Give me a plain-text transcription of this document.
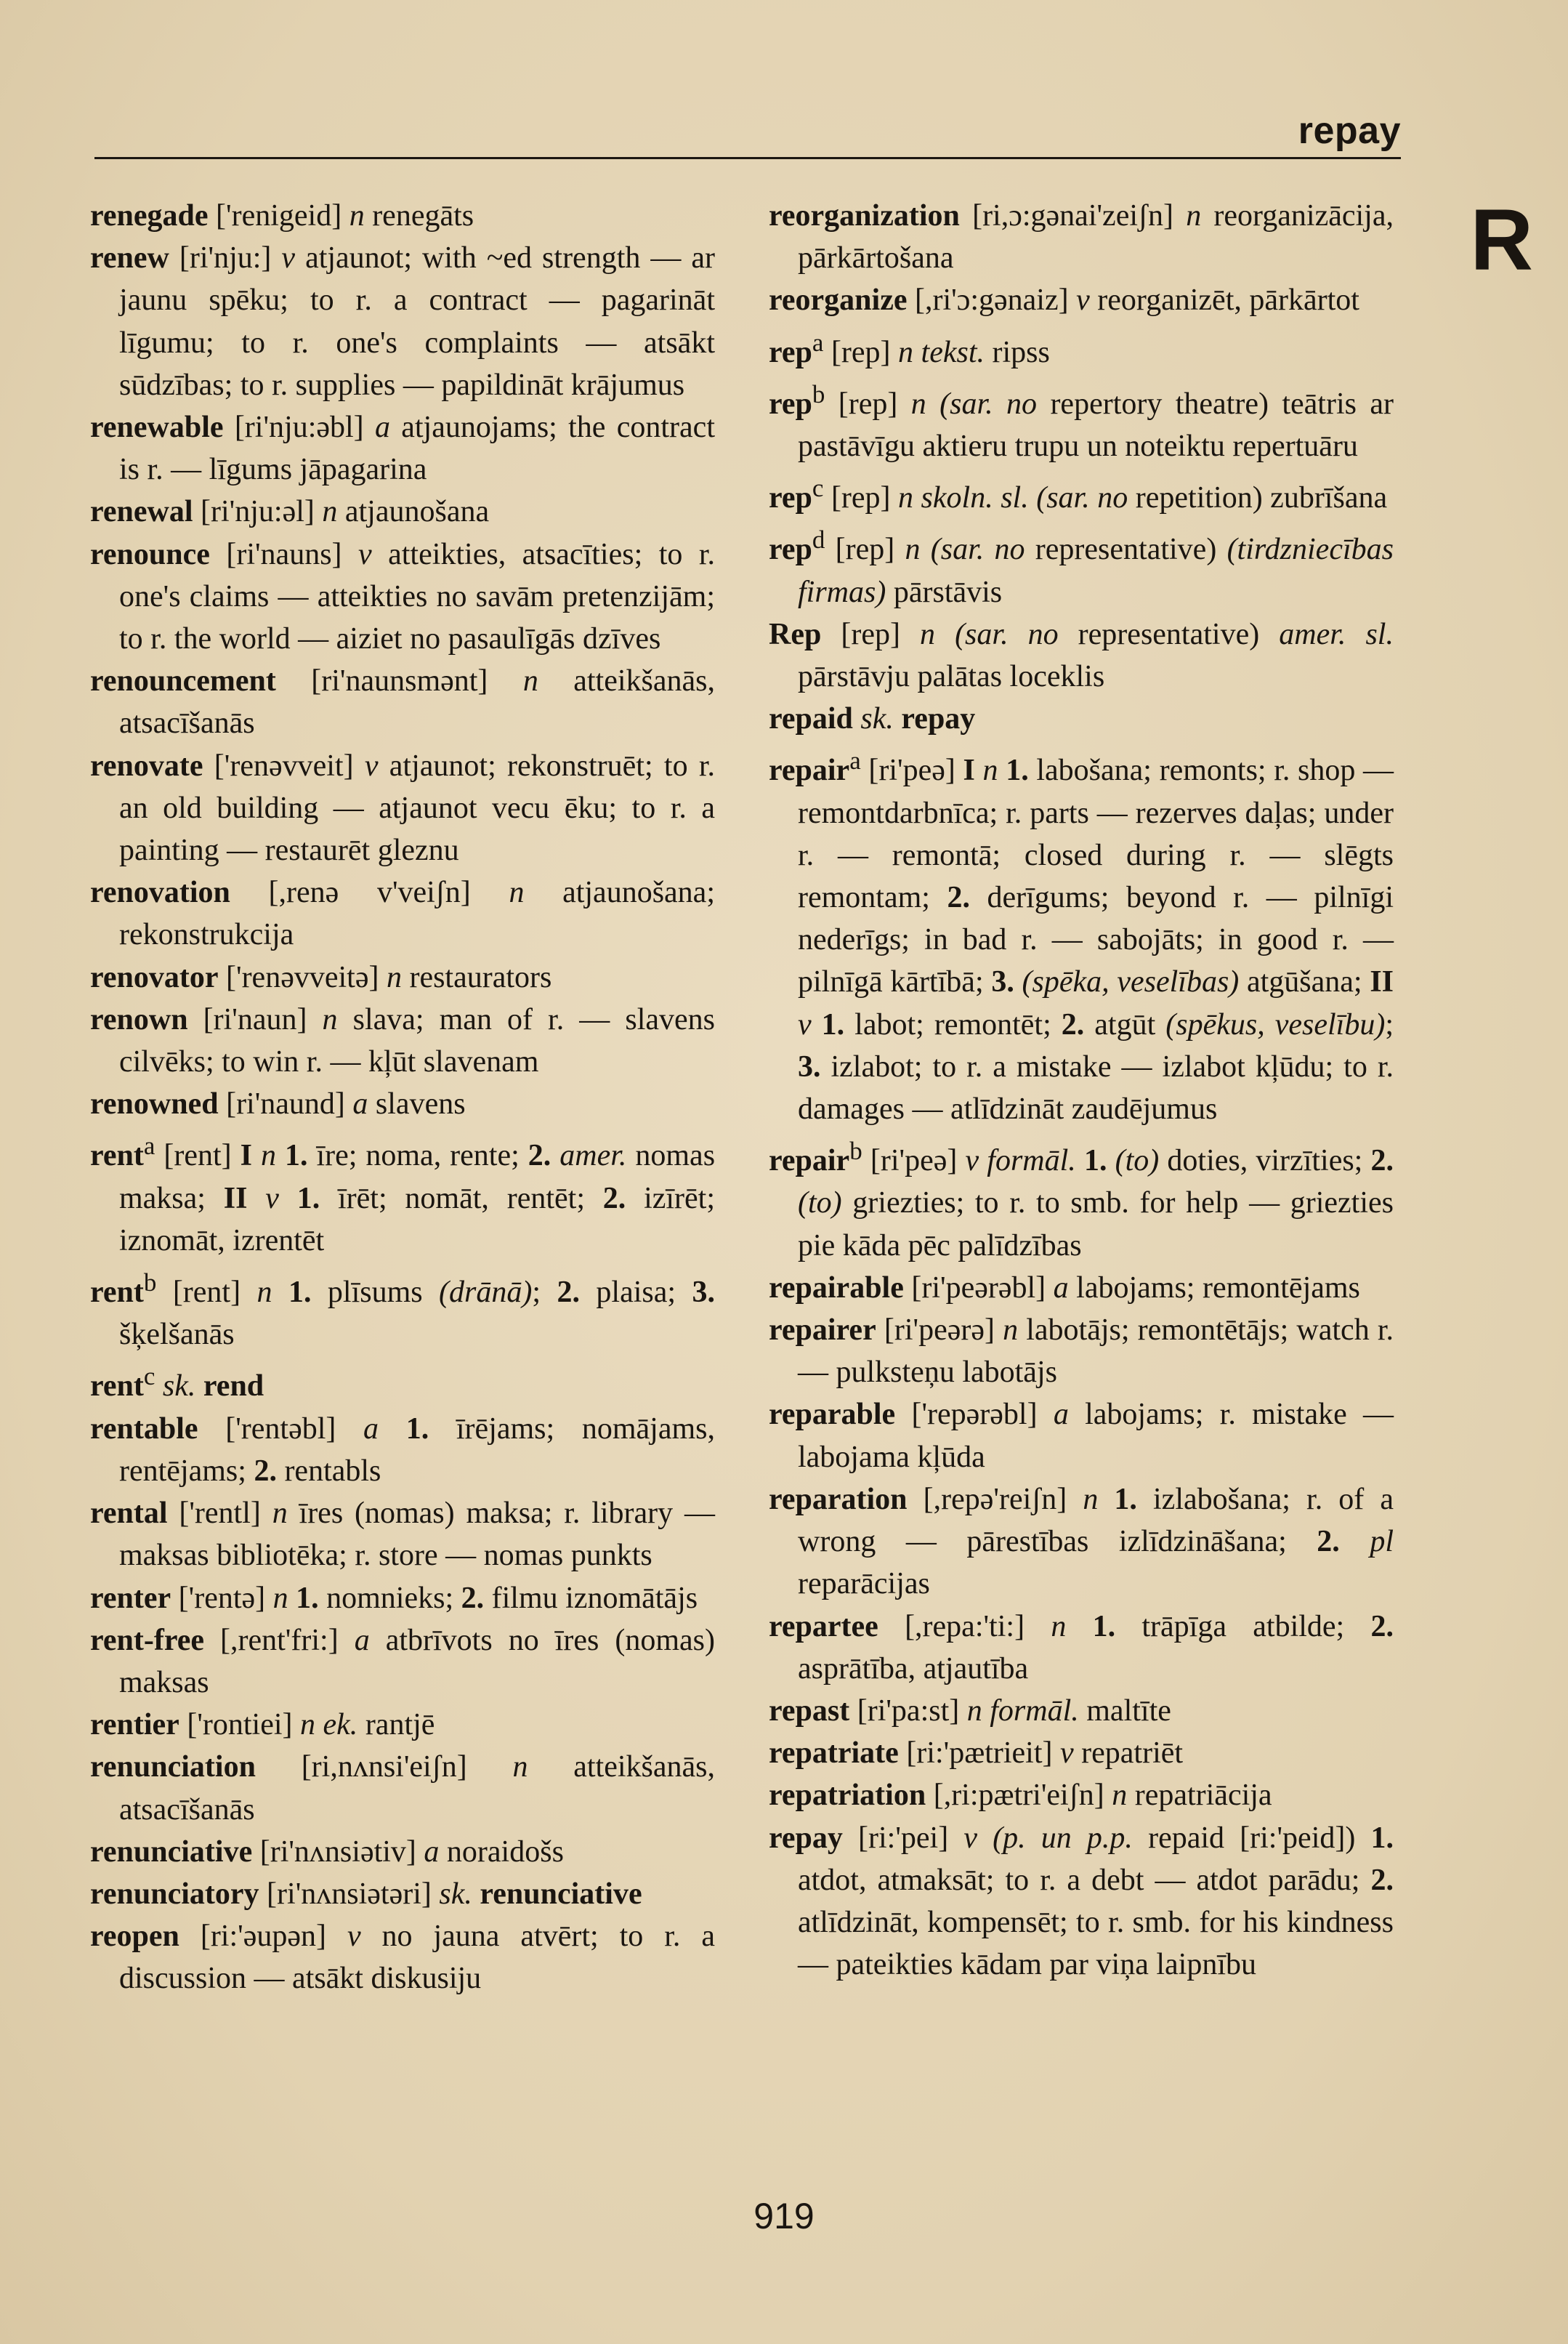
repay
R
renegade ['renigeid] n renegāts
renew [ri'nju:] v atjaunot; with ~ed strength — ar jaunu spēku; to r. a contract — pagarināt līgumu; to r. one's complaints — atsākt sūdzības; to r. supplies — papildināt krājumus
renewable [ri'nju:əbl] a atjaunojams; the contract is r. — līgums jāpagarina
renewal [ri'nju:əl] n atjaunošana
renounce [ri'nauns] v atteikties, atsacīties; to r. one's claims — atteikties no savām pretenzijām; to r. the world — aiziet no pasaulīgās dzīves
renouncement [ri'naunsmənt] n atteikšanās, atsacīšanās
renovate ['renəvveit] v atjaunot; rekonstruēt; to r. an old building — atjaunot vecu ēku; to r. a painting — restaurēt gleznu
renovation [,renə v'veiʃn] n atjaunošana; rekonstrukcija
renovator ['renəvveitə] n restaurators
renown [ri'naun] n slava; man of r. — slavens cilvēks; to win r. — kļūt slavenam
renowned [ri'naund] a slavens
rent$^a$ [rent] I n 1. īre; noma, rente; 2. amer. nomas maksa; II v 1. īrēt; nomāt, rentēt; 2. izīrēt; iznomāt, izrentēt
rent$^b$ [rent] n 1. plīsums (drānā); 2. plaisa; 3. šķelšanās
rent$^c$ sk. rend
rentable ['rentəbl] a 1. īrējams; nomājams, rentējams; 2. rentabls
rental ['rentl] n īres (nomas) maksa; r. library — maksas bibliotēka; r. store — nomas punkts
renter ['rentə] n 1. nomnieks; 2. filmu iznomātājs
rent-free [,rent'fri:] a atbrīvots no īres (nomas) maksas
rentier ['rontiei] n ek. rantjē
renunciation [ri,nʌnsi'eiʃn] n atteikšanās, atsacīšanās
renunciative [ri'nʌnsiətiv] a noraidošs
renunciatory [ri'nʌnsiətəri] sk. renunciative
reopen [ri:'əupən] v no jauna atvērt; to r. a discussion — atsākt diskusiju
reorganization [ri,ɔ:gənai'zeiʃn] n reorganizācija, pārkārtošana
reorganize [,ri'ɔ:gənaiz] v reorganizēt, pārkārtot
rep$^a$ [rep] n tekst. ripss
rep$^b$ [rep] n (sar. no repertory theatre) teātris ar pastāvīgu aktieru trupu un noteiktu repertuāru
rep$^c$ [rep] n skoln. sl. (sar. no repetition) zubrīšana
rep$^d$ [rep] n (sar. no representative) (tirdzniecības firmas) pārstāvis
Rep [rep] n (sar. no representative) amer. sl. pārstāvju palātas loceklis
repaid sk. repay
repair$^a$ [ri'peə] I n 1. labošana; remonts; r. shop — remontdarbnīca; r. parts — rezerves daļas; under r. — remontā; closed during r. — slēgts remontam; 2. derīgums; beyond r. — pilnīgi nederīgs; in bad r. — sabojāts; in good r. — pilnīgā kārtībā; 3. (spēka, veselības) atgūšana; II v 1. labot; remontēt; 2. atgūt (spēkus, veselību); 3. izlabot; to r. a mistake — izlabot kļūdu; to r. damages — atlīdzināt zaudējumus
repair$^b$ [ri'peə] v formāl. 1. (to) doties, virzīties; 2. (to) griezties; to r. to smb. for help — griezties pie kāda pēc palīdzības
repairable [ri'peərəbl] a labojams; remontējams
repairer [ri'peərə] n labotājs; remontētājs; watch r. — pulksteņu labotājs
reparable ['repərəbl] a labojams; r. mistake — labojama kļūda
reparation [,repə'reiʃn] n 1. izlabošana; r. of a wrong — pārestības izlīdzināšana; 2. pl reparācijas
repartee [,repa:'ti:] n 1. trāpīga atbilde; 2. asprātība, atjautība
repast [ri'pa:st] n formāl. maltīte
repatriate [ri:'pætrieit] v repatriēt
repatriation [,ri:pætri'eiʃn] n repatriācija
repay [ri:'pei] v (p. un p.p. repaid [ri:'peid]) 1. atdot, atmaksāt; to r. a debt — atdot parādu; 2. atlīdzināt, kompensēt; to r. smb. for his kindness — pateikties kādam par viņa laipnību
919
